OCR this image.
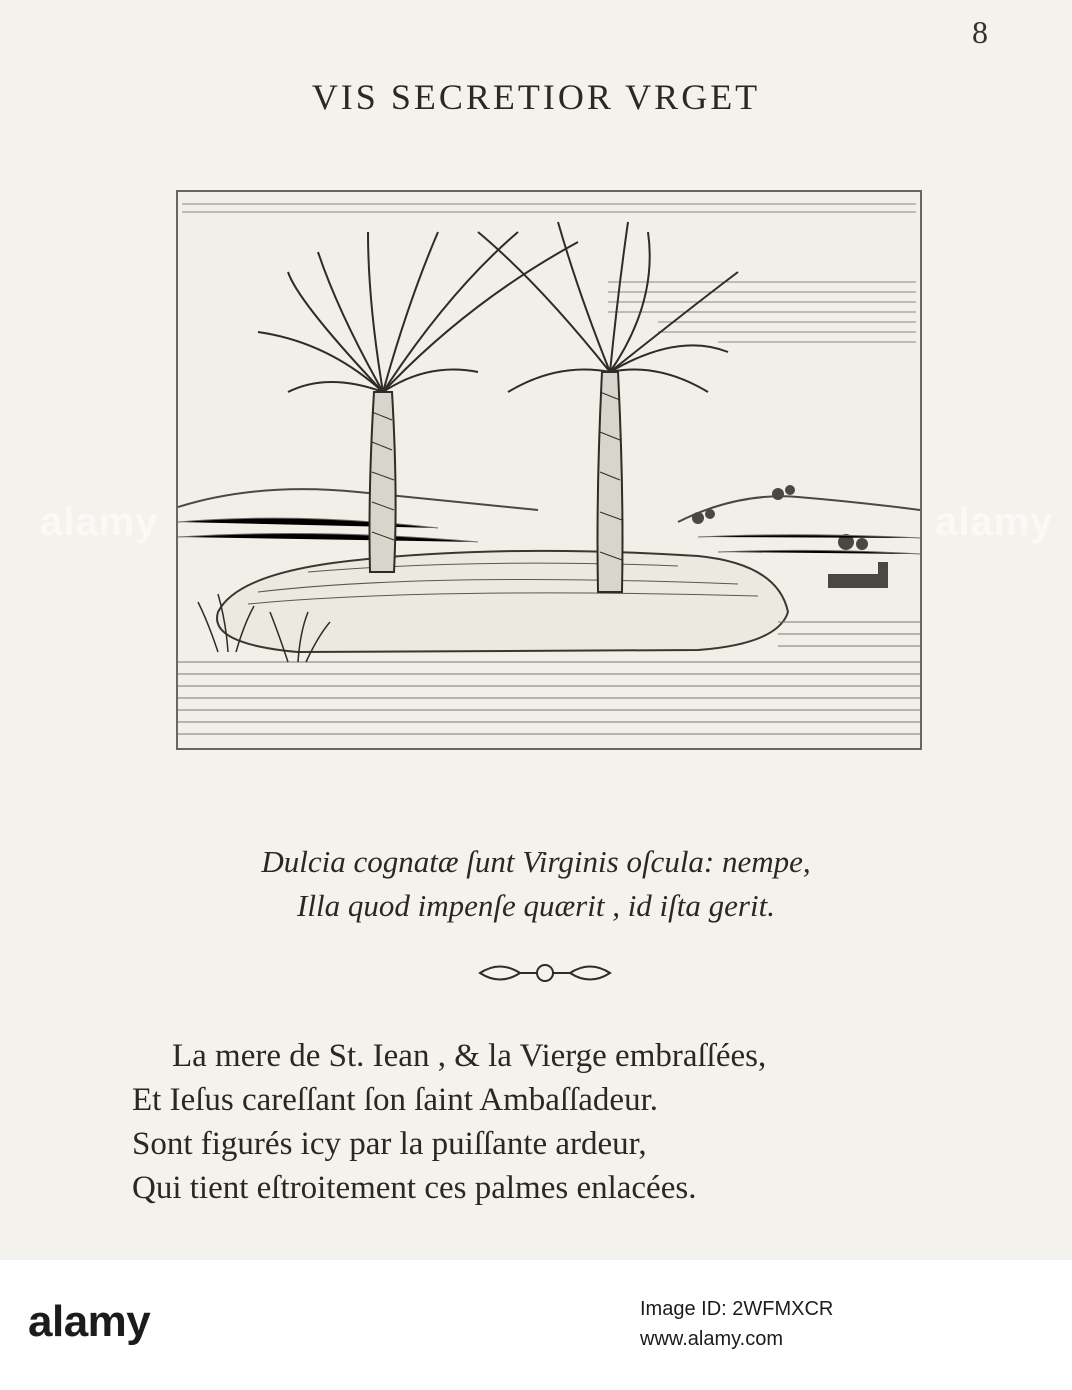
8
VIS SECRETIOR VRGET
Dulcia cognatæ ſunt Virginis oſcula: nempe,
Illa quod impenſe quærit , id iſta gerit.
La mere de St. Iean , & la Vierge embraſſées,
Et Ieſus careſſant ſon ſaint Ambaſſadeur.
Sont figurés icy par la puiſſante ardeur,
Qui tient eſtroitement ces palmes enlacées.
alamy	alamy
alamy	Image ID: 2WFMXCR
www.alamy.com
